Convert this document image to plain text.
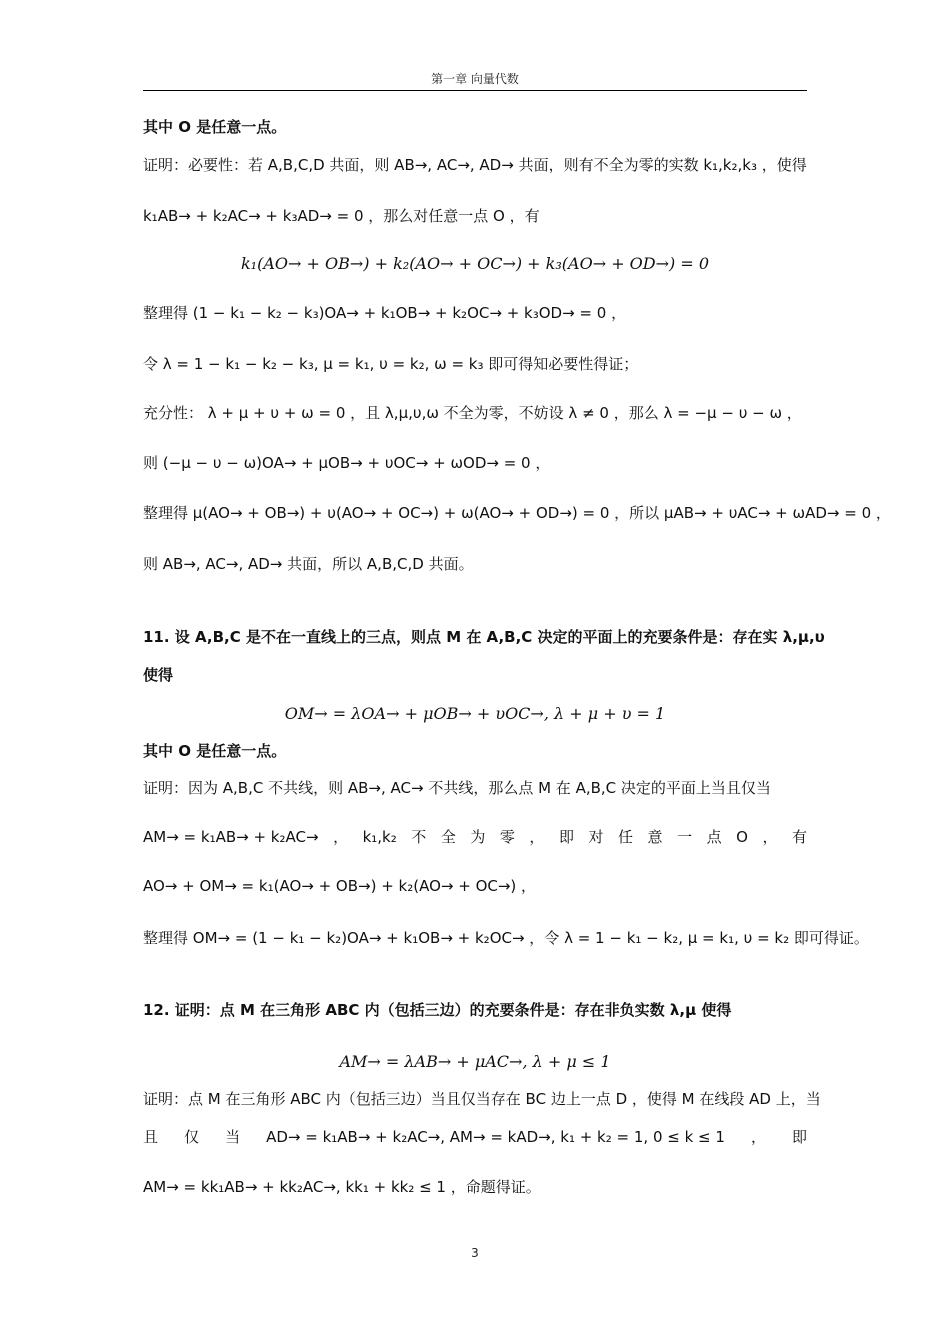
第一章 向量代数
其中 O 是任意一点。
证明：必要性：若 A,B,C,D 共面，则 AB→, AC→, AD→ 共面，则有不全为零的实数 k₁,k₂,k₃ ，使得
k₁AB→ + k₂AC→ + k₃AD→ = 0 ，那么对任意一点 O ，有
k₁(AO→ + OB→) + k₂(AO→ + OC→) + k₃(AO→ + OD→) = 0
整理得 (1 − k₁ − k₂ − k₃)OA→ + k₁OB→ + k₂OC→ + k₃OD→ = 0 ，
令 λ = 1 − k₁ − k₂ − k₃, μ = k₁, υ = k₂, ω = k₃ 即可得知必要性得证；
充分性： λ + μ + υ + ω = 0 ，且 λ,μ,υ,ω 不全为零，不妨设 λ ≠ 0 ，那么 λ = −μ − υ − ω ，
则 (−μ − υ − ω)OA→ + μOB→ + υOC→ + ωOD→ = 0 ，
整理得 μ(AO→ + OB→) + υ(AO→ + OC→) + ω(AO→ + OD→) = 0 ，所以 μAB→ + υAC→ + ωAD→ = 0 ，
则 AB→, AC→, AD→ 共面，所以 A,B,C,D 共面。
11. 设 A,B,C 是不在一直线上的三点，则点 M 在 A,B,C 决定的平面上的充要条件是：存在实 λ,μ,υ
使得
OM→ = λOA→ + μOB→ + υOC→, λ + μ + υ = 1
其中 O 是任意一点。
证明：因为 A,B,C 不共线，则 AB→, AC→ 不共线，那么点 M 在 A,B,C 决定的平面上当且仅当
AM→ = k₁AB→ + k₂AC→ ， k₁,k₂ 不 全 为 零 ， 即 对 任 意 一 点 O ， 有
AO→ + OM→ = k₁(AO→ + OB→) + k₂(AO→ + OC→) ，
整理得 OM→ = (1 − k₁ − k₂)OA→ + k₁OB→ + k₂OC→ ，令 λ = 1 − k₁ − k₂, μ = k₁, υ = k₂ 即可得证。
12. 证明：点 M 在三角形 ABC 内（包括三边）的充要条件是：存在非负实数 λ,μ 使得
AM→ = λAB→ + μAC→, λ + μ ≤ 1
证明：点 M 在三角形 ABC 内（包括三边）当且仅当存在 BC 边上一点 D ，使得 M 在线段 AD 上，当
且 仅 当 AD→ = k₁AB→ + k₂AC→, AM→ = kAD→, k₁ + k₂ = 1, 0 ≤ k ≤ 1 ， 即
AM→ = kk₁AB→ + kk₂AC→, kk₁ + kk₂ ≤ 1 ，命题得证。
3
